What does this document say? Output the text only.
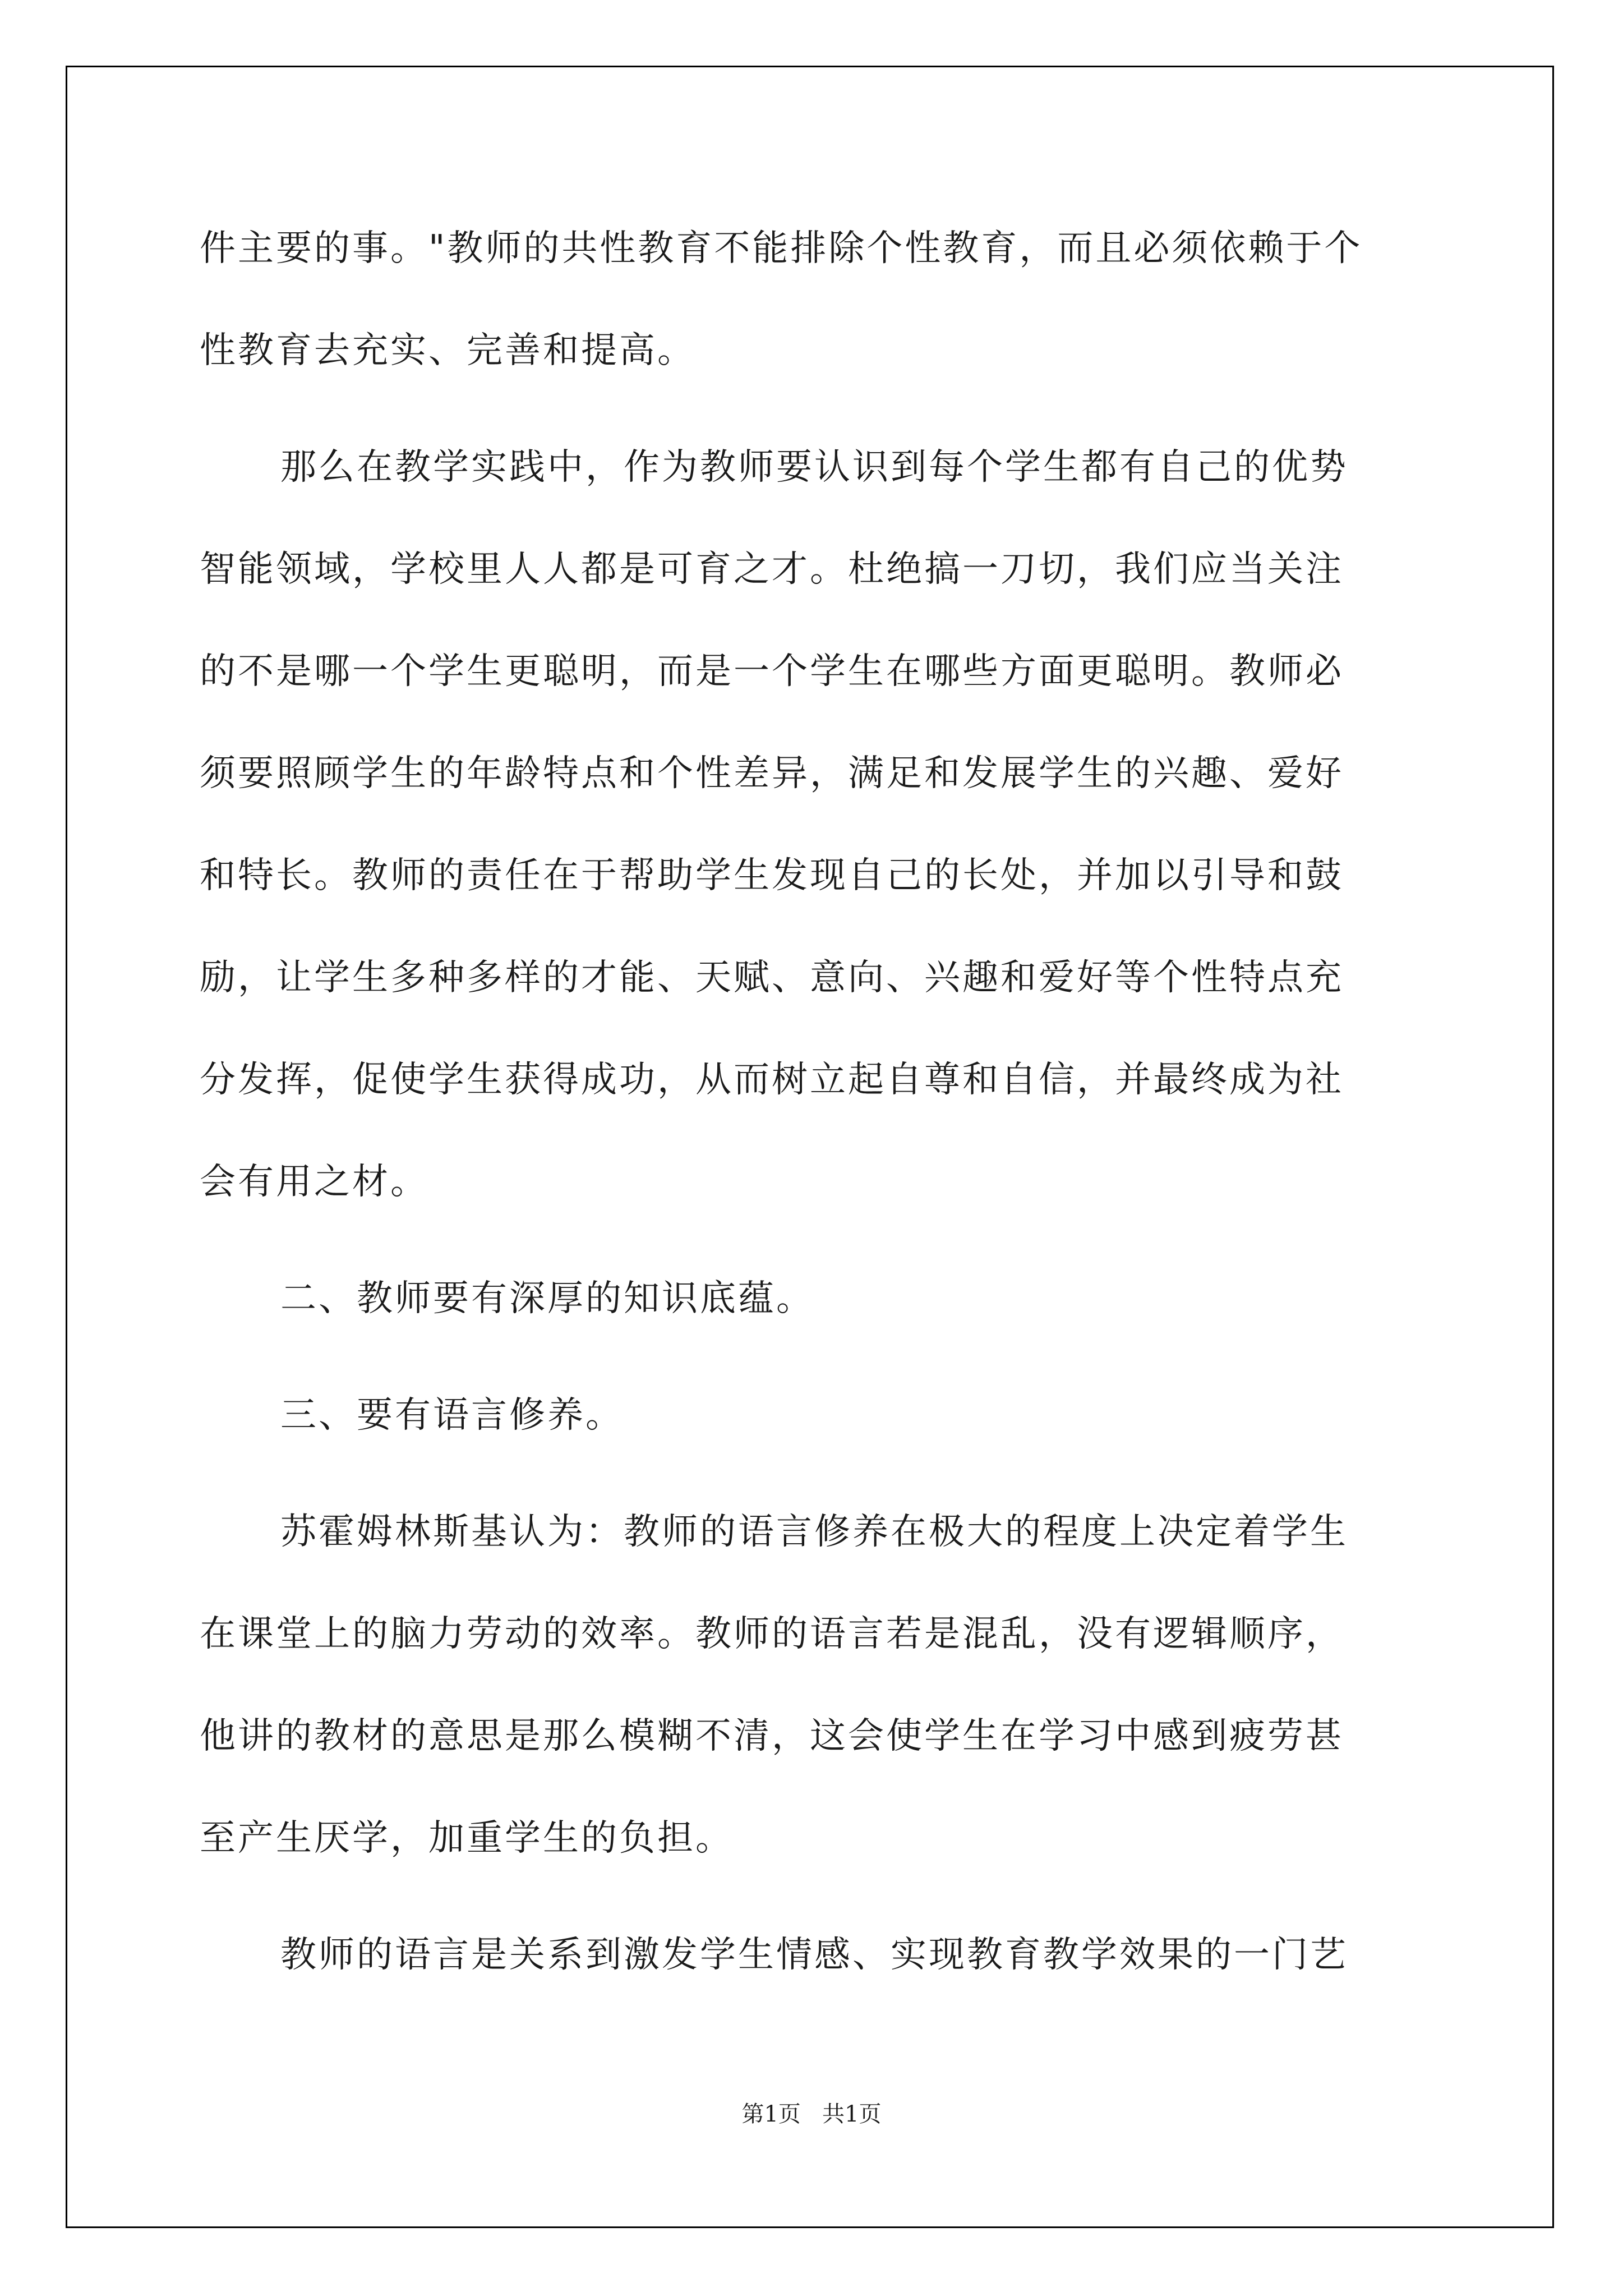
件主要的事。"教师的共性教育不能排除个性教育，而且必须依赖于个
性教育去充实、完善和提高。
那么在教学实践中，作为教师要认识到每个学生都有自己的优势
智能领域，学校里人人都是可育之才。杜绝搞一刀切，我们应当关注
的不是哪一个学生更聪明，而是一个学生在哪些方面更聪明。教师必
须要照顾学生的年龄特点和个性差异，满足和发展学生的兴趣、爱好
和特长。教师的责任在于帮助学生发现自己的长处，并加以引导和鼓
励，让学生多种多样的才能、天赋、意向、兴趣和爱好等个性特点充
分发挥，促使学生获得成功，从而树立起自尊和自信，并最终成为社
会有用之材。
二、教师要有深厚的知识底蕴。
三、要有语言修养。
苏霍姆林斯基认为：教师的语言修养在极大的程度上决定着学生
在课堂上的脑力劳动的效率。教师的语言若是混乱，没有逻辑顺序，
他讲的教材的意思是那么模糊不清，这会使学生在学习中感到疲劳甚
至产生厌学，加重学生的负担。
教师的语言是关系到激发学生情感、实现教育教学效果的一门艺
第1页   共1页
